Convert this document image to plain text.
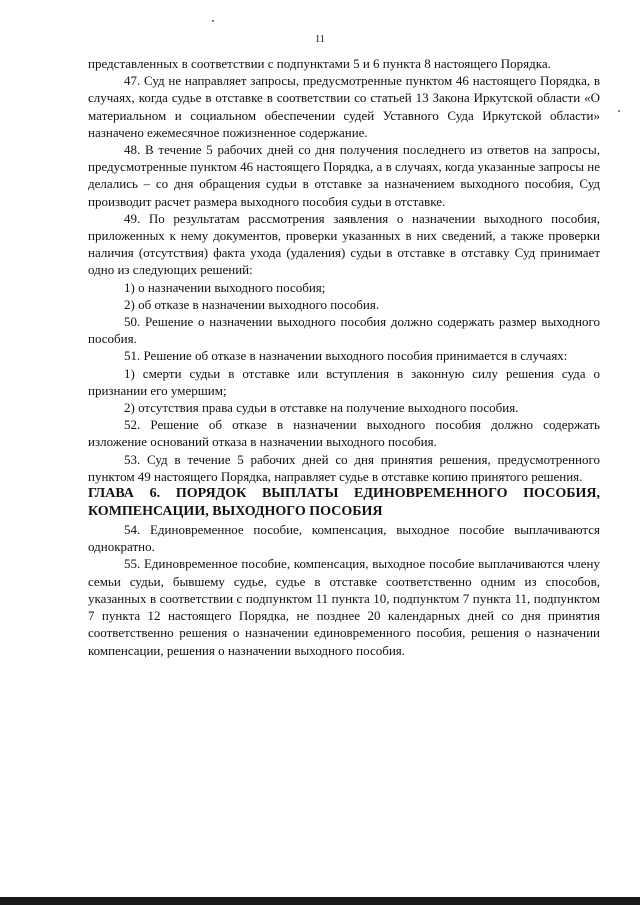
11

представленных в соответствии с подпунктами 5 и 6 пункта 8 настоящего Порядка.

47. Суд не направляет запросы, предусмотренные пунктом 46 настоящего Порядка, в случаях, когда судье в отставке в соответствии со статьей 13 Закона Иркутской области «О материальном и социальном обеспечении судей Уставного Суда Иркутской области» назначено ежемесячное пожизненное содержание.

48. В течение 5 рабочих дней со дня получения последнего из ответов на запросы, предусмотренные пунктом 46 настоящего Порядка, а в случаях, когда указанные запросы не делались – со дня обращения судьи в отставке за назначением выходного пособия, Суд производит расчет размера выходного пособия судьи в отставке.

49. По результатам рассмотрения заявления о назначении выходного пособия, приложенных к нему документов, проверки указанных в них сведений, а также проверки наличия (отсутствия) факта ухода (удаления) судьи в отставке в отставку Суд принимает одно из следующих решений:

1) о назначении выходного пособия;

2) об отказе в назначении выходного пособия.

50. Решение о назначении выходного пособия должно содержать размер выходного пособия.

51. Решение об отказе в назначении выходного пособия принимается в случаях:

1) смерти судьи в отставке или вступления в законную силу решения суда о признании его умершим;

2) отсутствия права судьи в отставке на получение выходного пособия.

52. Решение об отказе в назначении выходного пособия должно содержать изложение оснований отказа в назначении выходного пособия.

53. Суд в течение 5 рабочих дней со дня принятия решения, предусмотренного пунктом 49 настоящего Порядка, направляет судье в отставке копию принятого решения.

ГЛАВА 6. ПОРЯДОК ВЫПЛАТЫ ЕДИНОВРЕМЕННОГО ПОСОБИЯ, КОМПЕНСАЦИИ, ВЫХОДНОГО ПОСОБИЯ

54. Единовременное пособие, компенсация, выходное пособие выплачиваются однократно.

55. Единовременное пособие, компенсация, выходное пособие выплачиваются члену семьи судьи, бывшему судье, судье в отставке соответственно одним из способов, указанных в соответствии с подпунктом 11 пункта 10, подпунктом 7 пункта 11, подпунктом 7 пункта 12 настоящего Порядка, не позднее 20 календарных дней со дня принятия соответственно решения о назначении единовременного пособия, решения о назначении компенсации, решения о назначении выходного пособия.
